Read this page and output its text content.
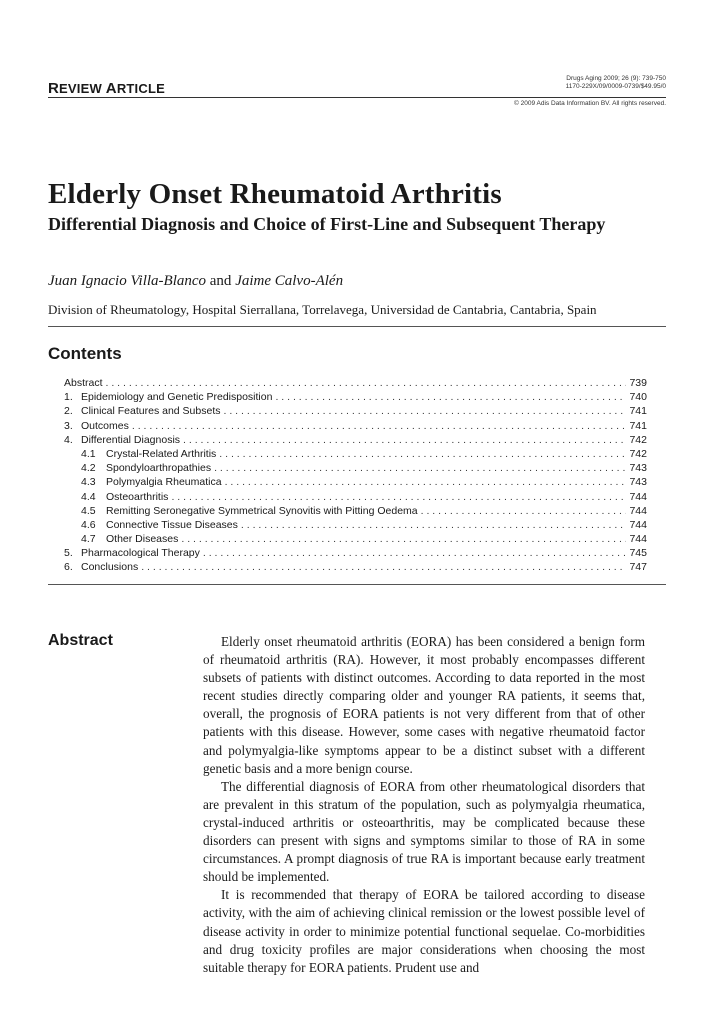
REVIEW ARTICLE
Drugs Aging 2009; 26 (9): 739-750
1170-229X/09/0009-0739/$49.95/0
© 2009 Adis Data Information BV. All rights reserved.
Elderly Onset Rheumatoid Arthritis
Differential Diagnosis and Choice of First-Line and Subsequent Therapy
Juan Ignacio Villa-Blanco and Jaime Calvo-Alén
Division of Rheumatology, Hospital Sierrallana, Torrelavega, Universidad de Cantabria, Cantabria, Spain
Contents
Abstract . . .	739
1. Epidemiology and Genetic Predisposition . . .	740
2. Clinical Features and Subsets . . .	741
3. Outcomes . . .	741
4. Differential Diagnosis . . .	742
4.1 Crystal-Related Arthritis . . .	742
4.2 Spondyloarthropathies . . .	743
4.3 Polymyalgia Rheumatica . . .	743
4.4 Osteoarthritis . . .	744
4.5 Remitting Seronegative Symmetrical Synovitis with Pitting Oedema . . .	744
4.6 Connective Tissue Diseases . . .	744
4.7 Other Diseases . . .	744
5. Pharmacological Therapy . . .	745
6. Conclusions . . .	747
Abstract	Elderly onset rheumatoid arthritis (EORA) has been considered a benign form of rheumatoid arthritis (RA). However, it most probably encompasses different subsets of patients with distinct outcomes. According to data reported in the most recent studies directly comparing older and younger RA patients, it seems that, overall, the prognosis of EORA patients is not very different from that of other patients with this disease. However, some cases with negative rheumatoid factor and polymyalgia-like symptoms appear to be a distinct subset with a different genetic basis and a more benign course.

The differential diagnosis of EORA from other rheumatological disorders that are prevalent in this stratum of the population, such as polymyalgia rheumatica, crystal-induced arthritis or osteoarthritis, may be complicated because these disorders can present with signs and symptoms similar to those of RA in some circumstances. A prompt diagnosis of true RA is important because early treatment should be implemented.

It is recommended that therapy of EORA be tailored according to disease activity, with the aim of achieving clinical remission or the lowest possible level of disease activity in order to minimize potential functional sequelae. Co-morbidities and drug toxicity profiles are major considerations when choosing the most suitable therapy for EORA patients. Prudent use and
